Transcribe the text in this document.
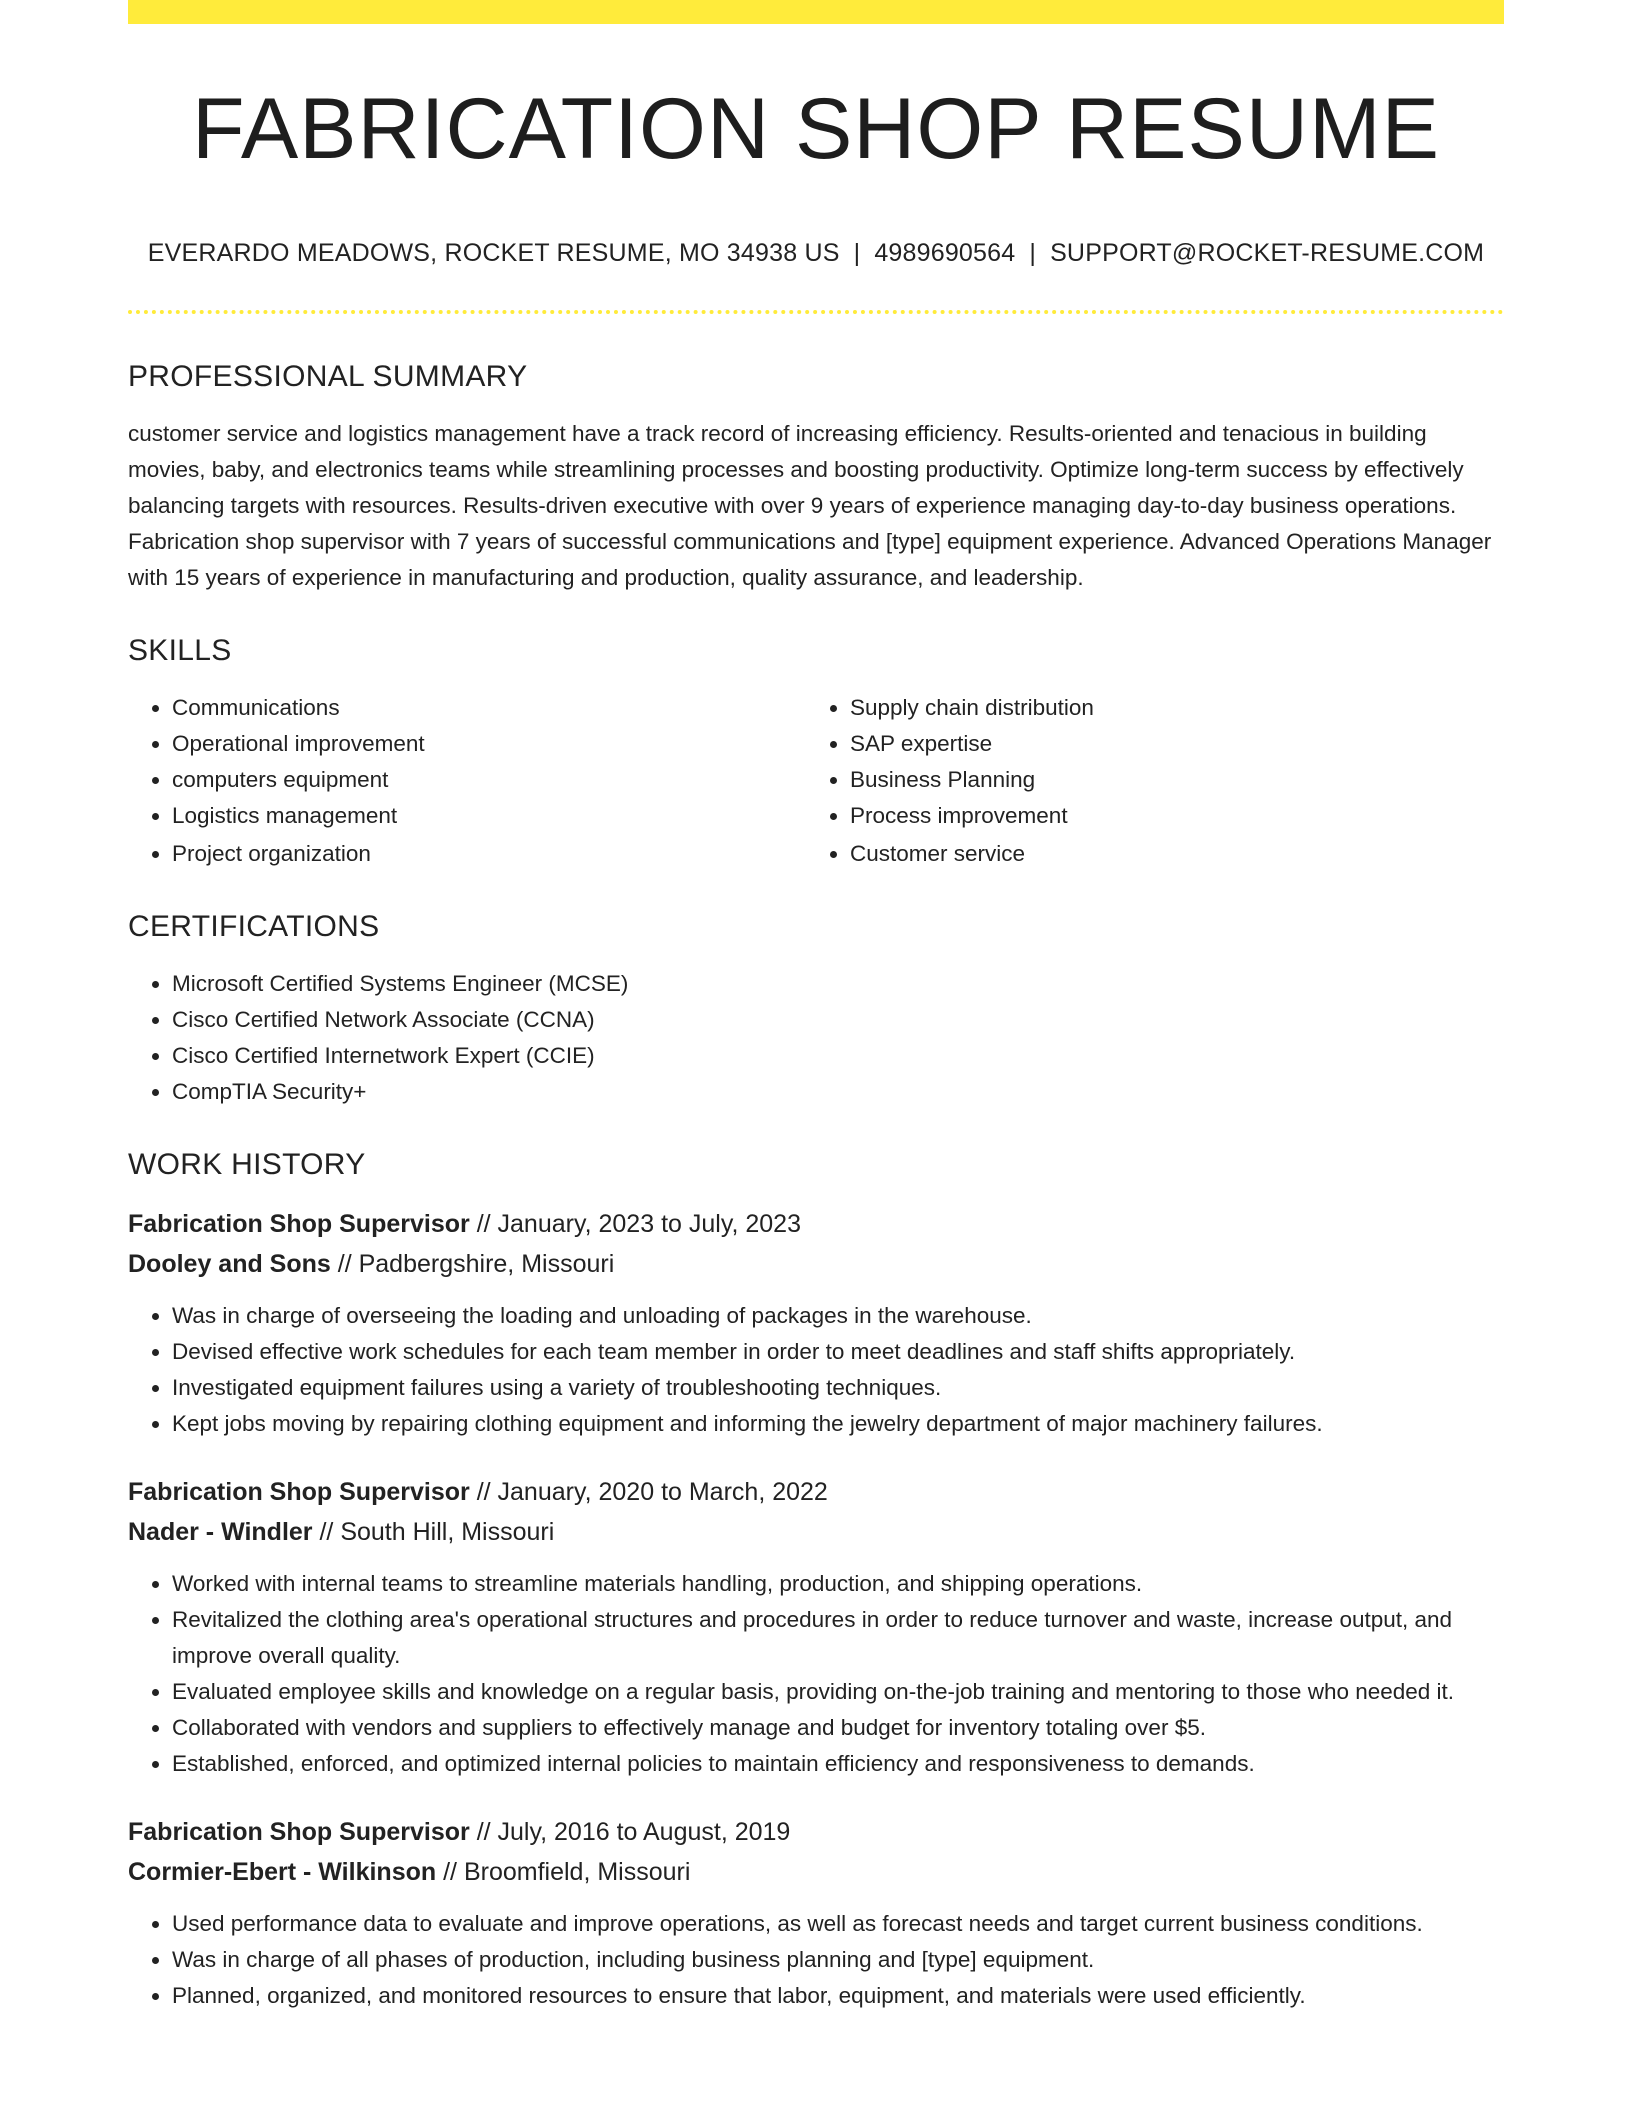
FABRICATION SHOP RESUME
EVERARDO MEADOWS, ROCKET RESUME, MO 34938 US | 4989690564 | SUPPORT@ROCKET-RESUME.COM
PROFESSIONAL SUMMARY

customer service and logistics management have a track record of increasing efficiency. Results-oriented and tenacious in building movies, baby, and electronics teams while streamlining processes and boosting productivity. Optimize long-term success by effectively balancing targets with resources. Results-driven executive with over 9 years of experience managing day-to-day business operations. Fabrication shop supervisor with 7 years of successful communications and [type] equipment experience. Advanced Operations Manager with 15 years of experience in manufacturing and production, quality assurance, and leadership.

SKILLS
• Communications
• Operational improvement
• computers equipment
• Logistics management
• Project organization
• Supply chain distribution
• SAP expertise
• Business Planning
• Process improvement
• Customer service
CERTIFICATIONS
• Microsoft Certified Systems Engineer (MCSE)
• Cisco Certified Network Associate (CCNA)
• Cisco Certified Internetwork Expert (CCIE)
• CompTIA Security+
WORK HISTORY
Fabrication Shop Supervisor // January, 2023 to July, 2023
Dooley and Sons // Padbergshire, Missouri
• Was in charge of overseeing the loading and unloading of packages in the warehouse.
• Devised effective work schedules for each team member in order to meet deadlines and staff shifts appropriately.
• Investigated equipment failures using a variety of troubleshooting techniques.
• Kept jobs moving by repairing clothing equipment and informing the jewelry department of major machinery failures.
Fabrication Shop Supervisor // January, 2020 to March, 2022
Nader - Windler // South Hill, Missouri
• Worked with internal teams to streamline materials handling, production, and shipping operations.
• Revitalized the clothing area's operational structures and procedures in order to reduce turnover and waste, increase output, and improve overall quality.
• Evaluated employee skills and knowledge on a regular basis, providing on-the-job training and mentoring to those who needed it.
• Collaborated with vendors and suppliers to effectively manage and budget for inventory totaling over $5.
• Established, enforced, and optimized internal policies to maintain efficiency and responsiveness to demands.
Fabrication Shop Supervisor // July, 2016 to August, 2019
Cormier-Ebert - Wilkinson // Broomfield, Missouri
• Used performance data to evaluate and improve operations, as well as forecast needs and target current business conditions.
• Was in charge of all phases of production, including business planning and [type] equipment.
• Planned, organized, and monitored resources to ensure that labor, equipment, and materials were used efficiently.
